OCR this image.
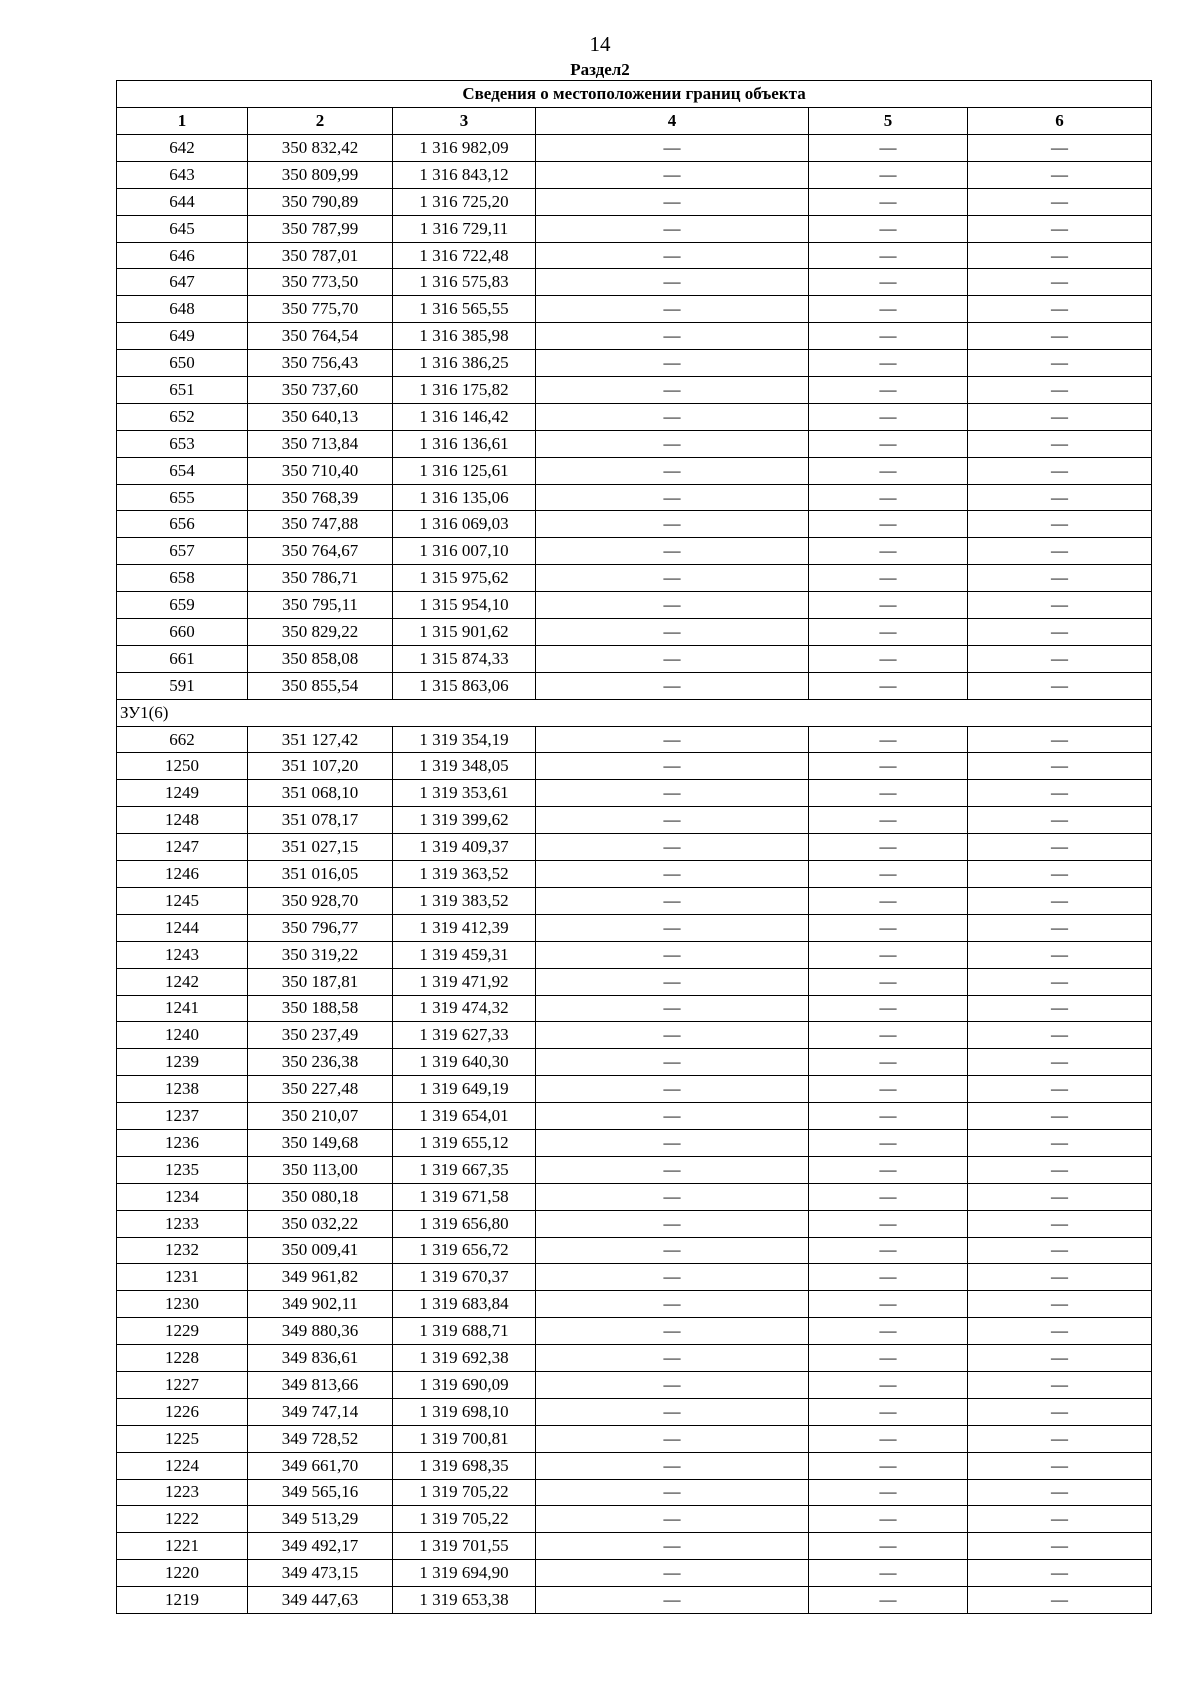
14
Раздел2
Сведения о местоположении границ объекта					
1	2	3	4	5	6
642	350 832,42	1 316 982,09	—	—	—
643	350 809,99	1 316 843,12	—	—	—
644	350 790,89	1 316 725,20	—	—	—
645	350 787,99	1 316 729,11	—	—	—
646	350 787,01	1 316 722,48	—	—	—
647	350 773,50	1 316 575,83	—	—	—
648	350 775,70	1 316 565,55	—	—	—
649	350 764,54	1 316 385,98	—	—	—
650	350 756,43	1 316 386,25	—	—	—
651	350 737,60	1 316 175,82	—	—	—
652	350 640,13	1 316 146,42	—	—	—
653	350 713,84	1 316 136,61	—	—	—
654	350 710,40	1 316 125,61	—	—	—
655	350 768,39	1 316 135,06	—	—	—
656	350 747,88	1 316 069,03	—	—	—
657	350 764,67	1 316 007,10	—	—	—
658	350 786,71	1 315 975,62	—	—	—
659	350 795,11	1 315 954,10	—	—	—
660	350 829,22	1 315 901,62	—	—	—
661	350 858,08	1 315 874,33	—	—	—
591	350 855,54	1 315 863,06	—	—	—
ЗУ1(6)					
662	351 127,42	1 319 354,19	—	—	—
1250	351 107,20	1 319 348,05	—	—	—
1249	351 068,10	1 319 353,61	—	—	—
1248	351 078,17	1 319 399,62	—	—	—
1247	351 027,15	1 319 409,37	—	—	—
1246	351 016,05	1 319 363,52	—	—	—
1245	350 928,70	1 319 383,52	—	—	—
1244	350 796,77	1 319 412,39	—	—	—
1243	350 319,22	1 319 459,31	—	—	—
1242	350 187,81	1 319 471,92	—	—	—
1241	350 188,58	1 319 474,32	—	—	—
1240	350 237,49	1 319 627,33	—	—	—
1239	350 236,38	1 319 640,30	—	—	—
1238	350 227,48	1 319 649,19	—	—	—
1237	350 210,07	1 319 654,01	—	—	—
1236	350 149,68	1 319 655,12	—	—	—
1235	350 113,00	1 319 667,35	—	—	—
1234	350 080,18	1 319 671,58	—	—	—
1233	350 032,22	1 319 656,80	—	—	—
1232	350 009,41	1 319 656,72	—	—	—
1231	349 961,82	1 319 670,37	—	—	—
1230	349 902,11	1 319 683,84	—	—	—
1229	349 880,36	1 319 688,71	—	—	—
1228	349 836,61	1 319 692,38	—	—	—
1227	349 813,66	1 319 690,09	—	—	—
1226	349 747,14	1 319 698,10	—	—	—
1225	349 728,52	1 319 700,81	—	—	—
1224	349 661,70	1 319 698,35	—	—	—
1223	349 565,16	1 319 705,22	—	—	—
1222	349 513,29	1 319 705,22	—	—	—
1221	349 492,17	1 319 701,55	—	—	—
1220	349 473,15	1 319 694,90	—	—	—
1219	349 447,63	1 319 653,38	—	—	—
